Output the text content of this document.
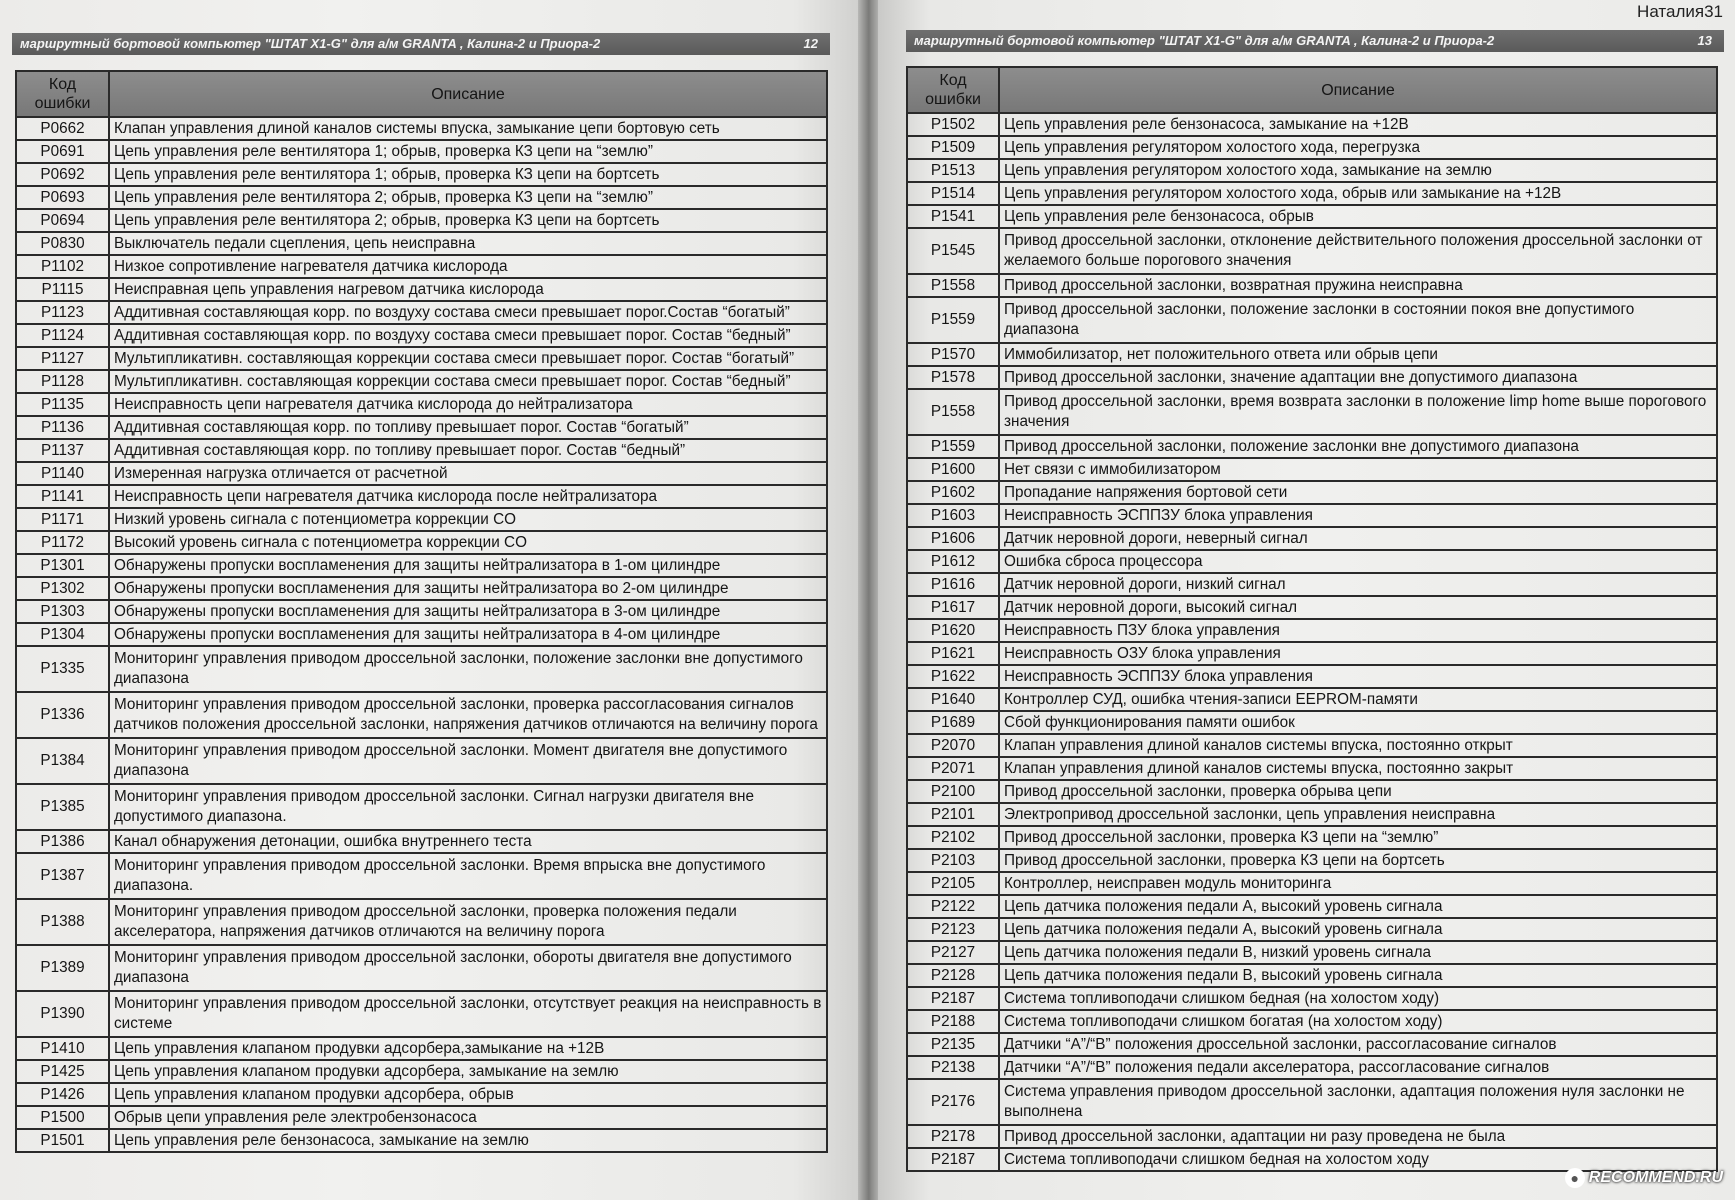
маршрутный бортовой компьютер "ШТАТ X1-G" для а/м GRANTA , Калина-2 и Приора-2	12
Код ошибки	Описание
P0662	Клапан управления длиной каналов системы впуска, замыкание цепи бортовую сеть
P0691	Цепь управления реле вентилятора 1; обрыв, проверка КЗ цепи на “землю”
P0692	Цепь управления реле вентилятора 1; обрыв, проверка КЗ цепи на бортсеть
P0693	Цепь управления реле вентилятора 2; обрыв, проверка КЗ цепи на “землю”
P0694	Цепь управления реле вентилятора 2; обрыв, проверка КЗ цепи на бортсеть
P0830	Выключатель педали сцепления, цепь неисправна
P1102	Низкое сопротивление нагревателя датчика кислорода
P1115	Неисправная цепь управления нагревом датчика кислорода
P1123	Аддитивная составляющая корр. по воздуху состава смеси превышает порог.Состав “богатый”
P1124	Аддитивная составляющая корр. по воздуху состава смеси превышает порог. Состав “бедный”
P1127	Мультипликативн. составляющая коррекции состава смеси превышает порог. Состав “богатый”
P1128	Мультипликативн. составляющая коррекции состава смеси превышает порог. Состав “бедный”
P1135	Неисправность цепи нагревателя датчика кислорода до нейтрализатора
P1136	Аддитивная составляющая корр. по топливу превышает порог. Состав “богатый”
P1137	Аддитивная составляющая корр. по топливу превышает порог. Состав “бедный”
P1140	Измеренная нагрузка отличается от расчетной
P1141	Неисправность цепи нагревателя датчика кислорода после нейтрализатора
P1171	Низкий уровень сигнала с потенциометра коррекции CO
P1172	Высокий уровень сигнала с потенциометра коррекции CO
P1301	Обнаружены пропуски воспламенения для защиты нейтрализатора в 1-ом цилиндре
P1302	Обнаружены пропуски воспламенения для защиты нейтрализатора во 2-ом цилиндре
P1303	Обнаружены пропуски воспламенения для защиты нейтрализатора в 3-ом цилиндре
P1304	Обнаружены пропуски воспламенения для защиты нейтрализатора в 4-ом цилиндре
P1335	Мониторинг управления приводом дроссельной заслонки, положение заслонки вне допустимого диапазона
P1336	Мониторинг управления приводом дроссельной заслонки, проверка рассогласования сигналов датчиков положения дроссельной заслонки, напряжения датчиков отличаются на величину порога
P1384	Мониторинг управления приводом дроссельной заслонки. Момент двигателя вне допустимого диапазона
P1385	Мониторинг управления приводом дроссельной заслонки. Сигнал нагрузки двигателя вне допустимого диапазона.
P1386	Канал обнаружения детонации, ошибка внутреннего теста
P1387	Мониторинг управления приводом дроссельной заслонки. Время впрыска вне допустимого диапазона.
P1388	Мониторинг управления приводом дроссельной заслонки, проверка положения педали акселератора, напряжения датчиков отличаются на величину порога
P1389	Мониторинг управления приводом дроссельной заслонки, обороты двигателя вне допустимого диапазона
P1390	Мониторинг управления приводом дроссельной заслонки, отсутствует реакция на неисправность в системе
P1410	Цепь управления клапаном продувки адсорбера,замыкание на +12В
P1425	Цепь управления клапаном продувки адсорбера, замыкание на землю
P1426	Цепь управления клапаном продувки адсорбера, обрыв
P1500	Обрыв цепи управления реле электробензонасоса
P1501	Цепь управления реле бензонасоса, замыкание на землю
маршрутный бортовой компьютер "ШТАТ X1-G" для а/м GRANTA , Калина-2 и Приора-2	13
Код ошибки	Описание
P1502	Цепь управления реле бензонасоса, замыкание на +12В
P1509	Цепь управления регулятором холостого хода, перегрузка
P1513	Цепь управления регулятором холостого хода, замыкание на землю
P1514	Цепь управления регулятором холостого хода, обрыв или замыкание на +12В
P1541	Цепь управления реле бензонасоса, обрыв
P1545	Привод дроссельной заслонки, отклонение действительного положения дроссельной заслонки от желаемого больше порогового значения
P1558	Привод дроссельной заслонки, возвратная пружина неисправна
P1559	Привод дроссельной заслонки, положение заслонки в состоянии покоя вне допустимого диапазона
P1570	Иммобилизатор, нет положительного ответа или обрыв цепи
P1578	Привод дроссельной заслонки, значение адаптации вне допустимого диапазона
P1558	Привод дроссельной заслонки, время возврата заслонки в положение limp home выше порогового значения
P1559	Привод дроссельной заслонки, положение заслонки вне допустимого диапазона
P1600	Нет связи с иммобилизатором
P1602	Пропадание напряжения бортовой сети
P1603	Неисправность ЭСППЗУ блока управления
P1606	Датчик неровной дороги, неверный сигнал
P1612	Ошибка сброса процессора
P1616	Датчик неровной дороги, низкий сигнал
P1617	Датчик неровной дороги, высокий сигнал
P1620	Неисправность ПЗУ блока управления
P1621	Неисправность ОЗУ блока управления
P1622	Неисправность ЭСППЗУ блока управления
P1640	Контроллер СУД, ошибка чтения-записи EEPROM-памяти
P1689	Сбой функционирования памяти ошибок
P2070	Клапан управления длиной каналов системы впуска, постоянно открыт
P2071	Клапан управления длиной каналов системы впуска, постоянно закрыт
P2100	Привод дроссельной заслонки, проверка обрыва цепи
P2101	Электропривод дроссельной заслонки, цепь управления неисправна
P2102	Привод дроссельной заслонки, проверка КЗ цепи на “землю”
P2103	Привод дроссельной заслонки, проверка КЗ цепи на бортсеть
P2105	Контроллер, неисправен модуль мониторинга
P2122	Цепь датчика положения педали А, высокий уровень сигнала
P2123	Цепь датчика положения педали А, высокий уровень сигнала
P2127	Цепь датчика положения педали В, низкий уровень сигнала
P2128	Цепь датчика положения педали В, высокий уровень сигнала
P2187	Система топливоподачи слишком бедная (на холостом ходу)
P2188	Система топливоподачи слишком богатая (на холостом ходу)
P2135	Датчики “А”/“В” положения дроссельной заслонки, рассогласование сигналов
P2138	Датчики “А”/“В” положения педали акселератора, рассогласование сигналов
P2176	Система управления приводом дроссельной заслонки, адаптация положения нуля заслонки не выполнена
P2178	Привод дроссельной заслонки, адаптации ни разу проведена не была
P2187	Система топливоподачи слишком бедная на холостом ходу
Наталия31
● RECOMMEND.RU
